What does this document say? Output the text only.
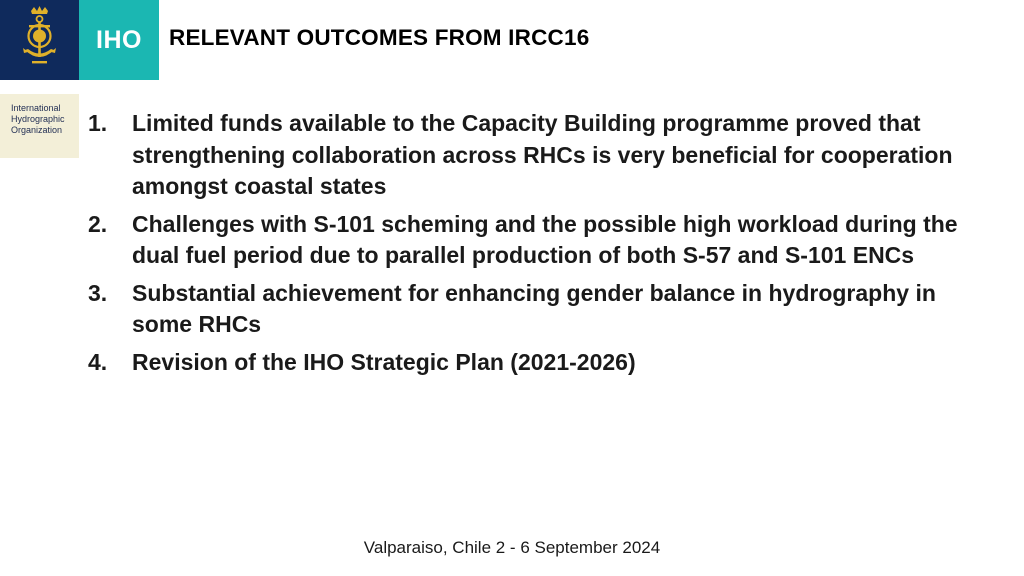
IHO
International
Hydrographic
Organization
RELEVANT OUTCOMES FROM IRCC16
1.	Limited funds available to the Capacity Building programme proved that strengthening collaboration across RHCs is very beneficial for cooperation amongst coastal states
2.	Challenges with S-101 scheming and the possible high workload during the dual fuel period due to parallel production of both S-57 and S-101 ENCs
3.	Substantial achievement for enhancing gender balance in hydrography in some RHCs
4.	Revision of the IHO Strategic Plan (2021-2026)
Valparaiso, Chile 2 - 6 September 2024
